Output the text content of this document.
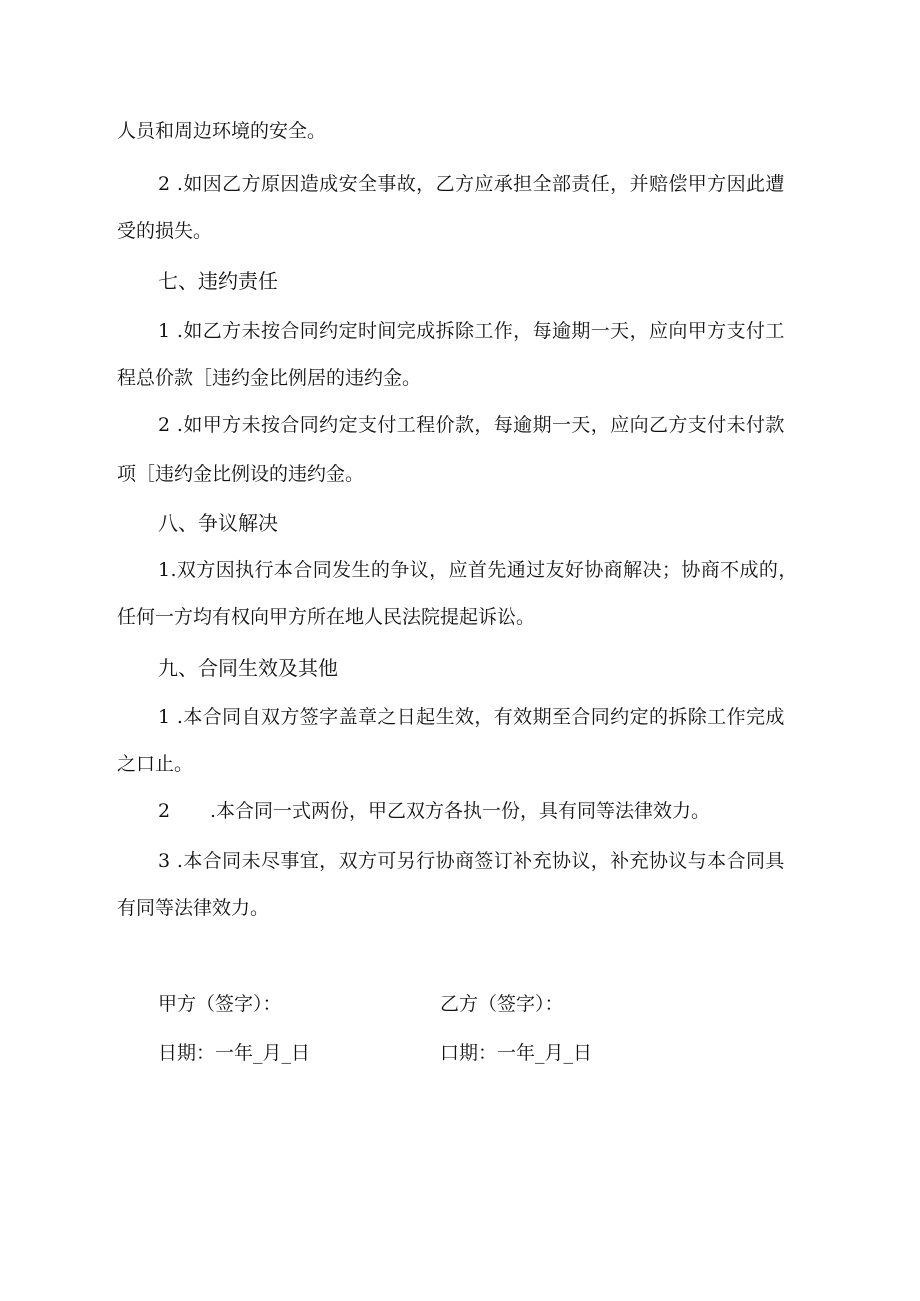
人员和周边环境的安全。
2 .如因乙方原因造成安全事故，乙方应承担全部责任，并赔偿甲方因此遭
受的损失。
七、违约责任
1 .如乙方未按合同约定时间完成拆除工作，每逾期一天，应向甲方支付工
程总价款［违约金比例居的违约金。
2 .如甲方未按合同约定支付工程价款，每逾期一天，应向乙方支付未付款
项［违约金比例设的违约金。
八、争议解决
1.双方因执行本合同发生的争议，应首先通过友好协商解决；协商不成的，
任何一方均有权向甲方所在地人民法院提起诉讼。
九、合同生效及其他
1 .本合同自双方签字盖章之日起生效，有效期至合同约定的拆除工作完成
之口止。
2 .本合同一式两份，甲乙双方各执一份，具有同等法律效力。
3 .本合同未尽事宜，双方可另行协商签订补充协议，补充协议与本合同具
有同等法律效力。
甲方（签字）：	乙方（签字）：
日期：一年_月_日	口期：一年_月_日
